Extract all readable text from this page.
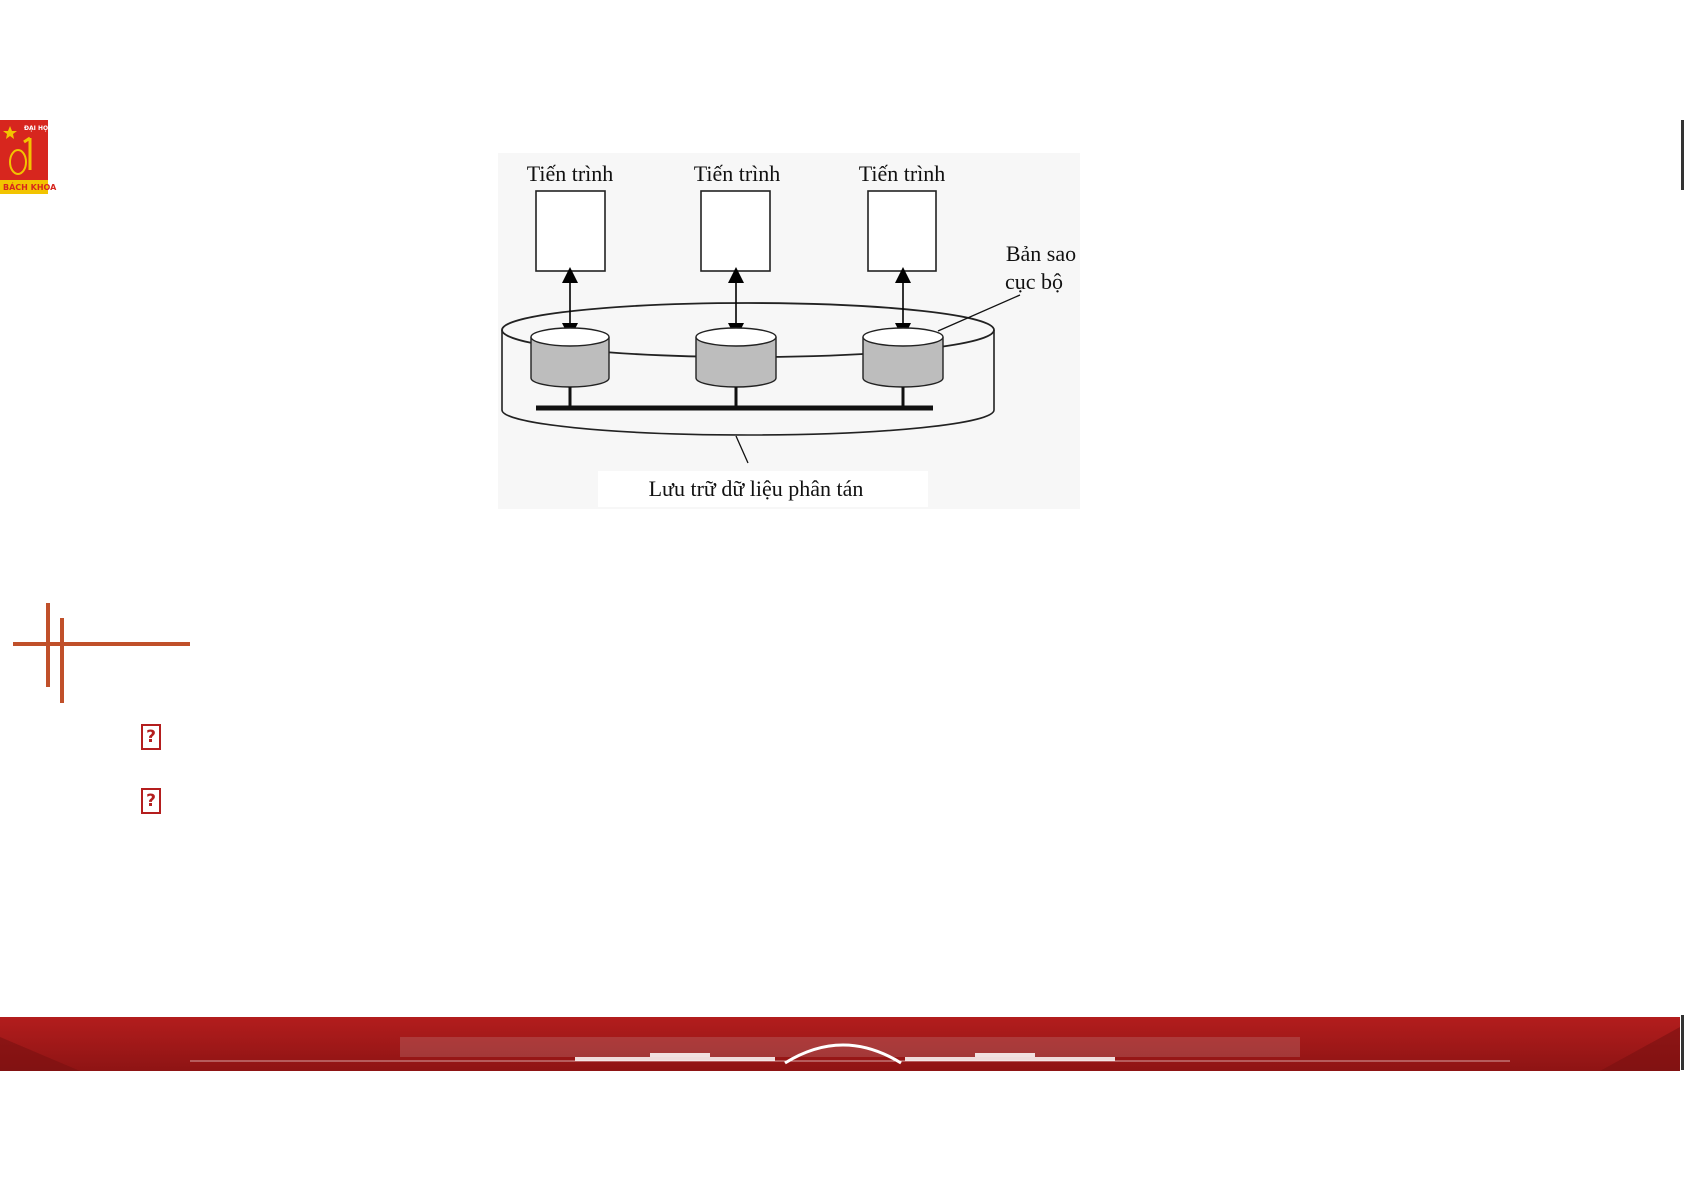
ĐẠI HỌC
BÁCH KHOA
Tiến trình	Tiến trình	Tiến trình
Bản sao
cục bộ
Lưu trữ dữ liệu phân tán
?
?
